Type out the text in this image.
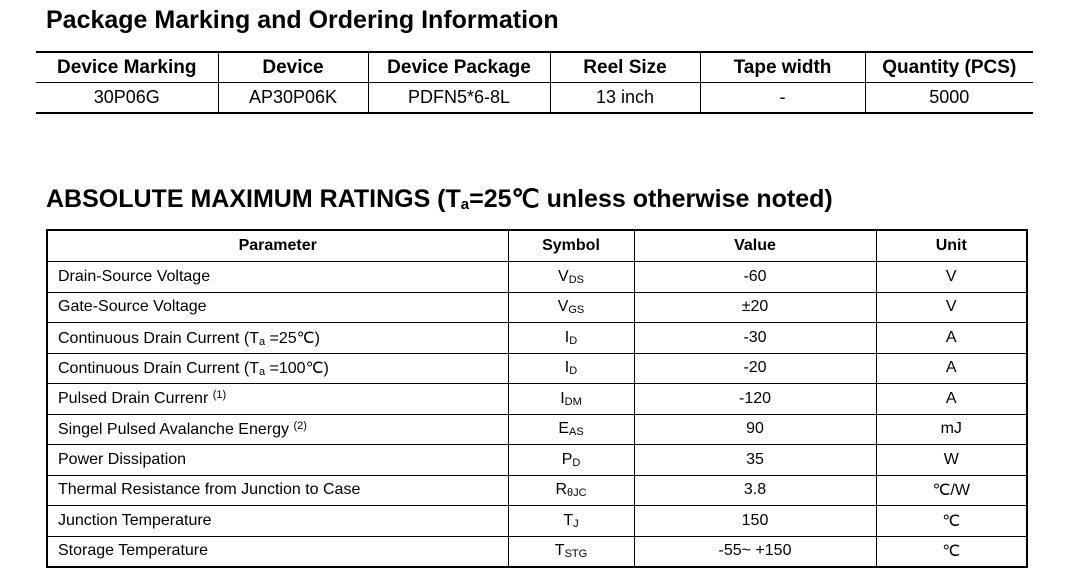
Package Marking and Ordering Information
Device Marking	Device	Device Package	Reel Size	Tape width	Quantity (PCS)
30P06G	AP30P06K	PDFN5*6-8L	13 inch	-	5000
ABSOLUTE MAXIMUM RATINGS (Ta=25℃ unless otherwise noted)
Parameter	Symbol	Value	Unit
Drain-Source Voltage	VDS	-60	V
Gate-Source Voltage	VGS	±20	V
Continuous Drain Current (Ta =25℃)	ID	-30	A
Continuous Drain Current (Ta =100℃)	ID	-20	A
Pulsed Drain Currenr $^{(1)}$	IDM	-120	A
Singel Pulsed Avalanche Energy $^{(2)}$	EAS	90	mJ
Power Dissipation	PD	35	W
Thermal Resistance from Junction to Case	RθJC	3.8	℃/W
Junction Temperature	TJ	150	℃
Storage Temperature	TSTG	-55~ +150	℃
